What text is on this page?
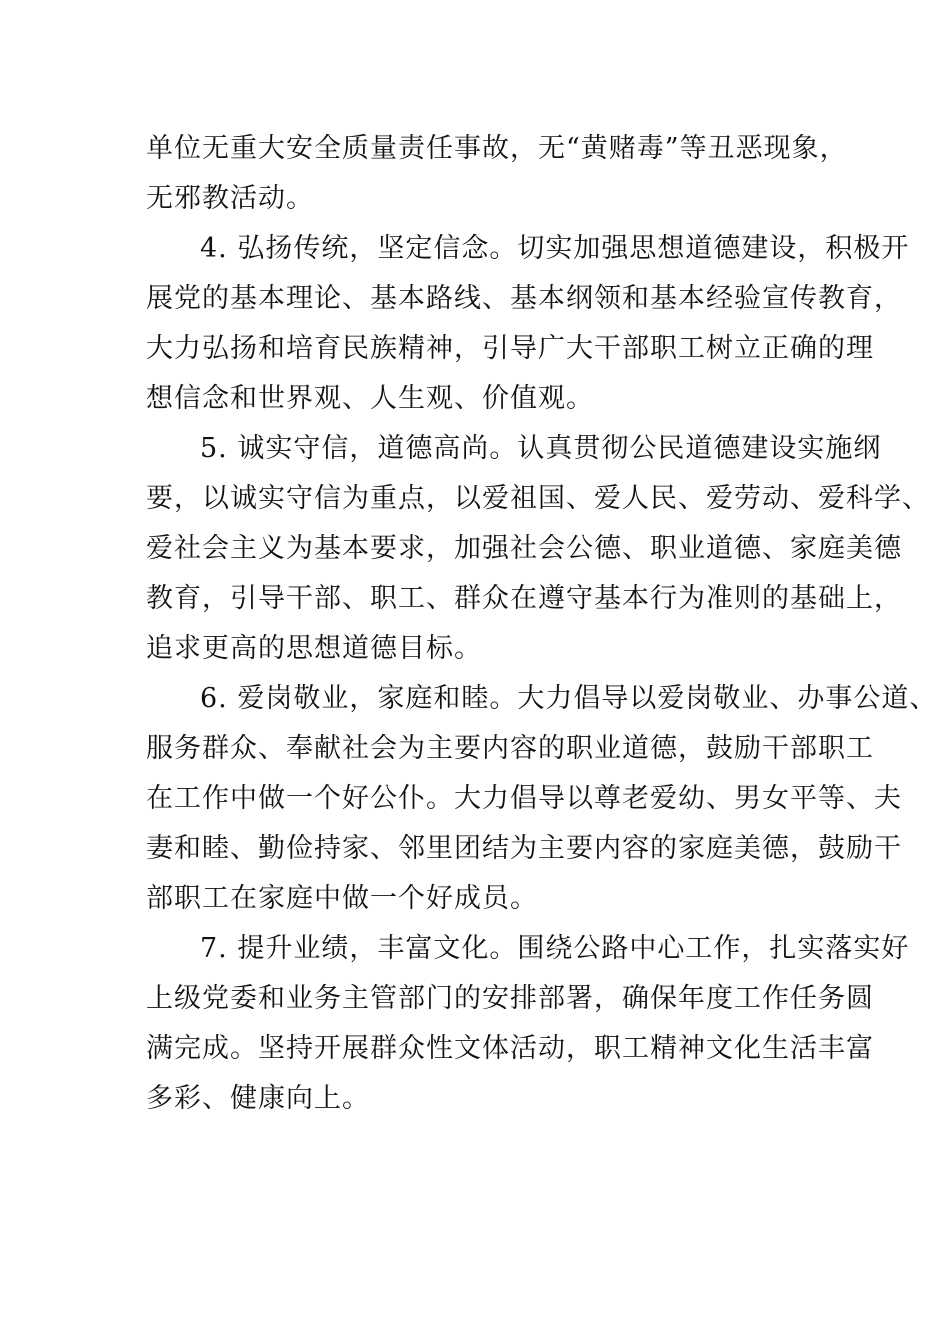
单位无重大安全质量责任事故，无“黄赌毒”等丑恶现象，
无邪教活动。
4. 弘扬传统，坚定信念。切实加强思想道德建设，积极开
展党的基本理论、基本路线、基本纲领和基本经验宣传教育，
大力弘扬和培育民族精神，引导广大干部职工树立正确的理
想信念和世界观、人生观、价值观。
5. 诚实守信，道德高尚。认真贯彻公民道德建设实施纲
要，以诚实守信为重点，以爱祖国、爱人民、爱劳动、爱科学、
爱社会主义为基本要求，加强社会公德、职业道德、家庭美德
教育，引导干部、职工、群众在遵守基本行为准则的基础上，
追求更高的思想道德目标。
6. 爱岗敬业，家庭和睦。大力倡导以爱岗敬业、办事公道、
服务群众、奉献社会为主要内容的职业道德，鼓励干部职工
在工作中做一个好公仆。大力倡导以尊老爱幼、男女平等、夫
妻和睦、勤俭持家、邻里团结为主要内容的家庭美德，鼓励干
部职工在家庭中做一个好成员。
7. 提升业绩，丰富文化。围绕公路中心工作，扎实落实好
上级党委和业务主管部门的安排部署，确保年度工作任务圆
满完成。坚持开展群众性文体活动，职工精神文化生活丰富
多彩、健康向上。
